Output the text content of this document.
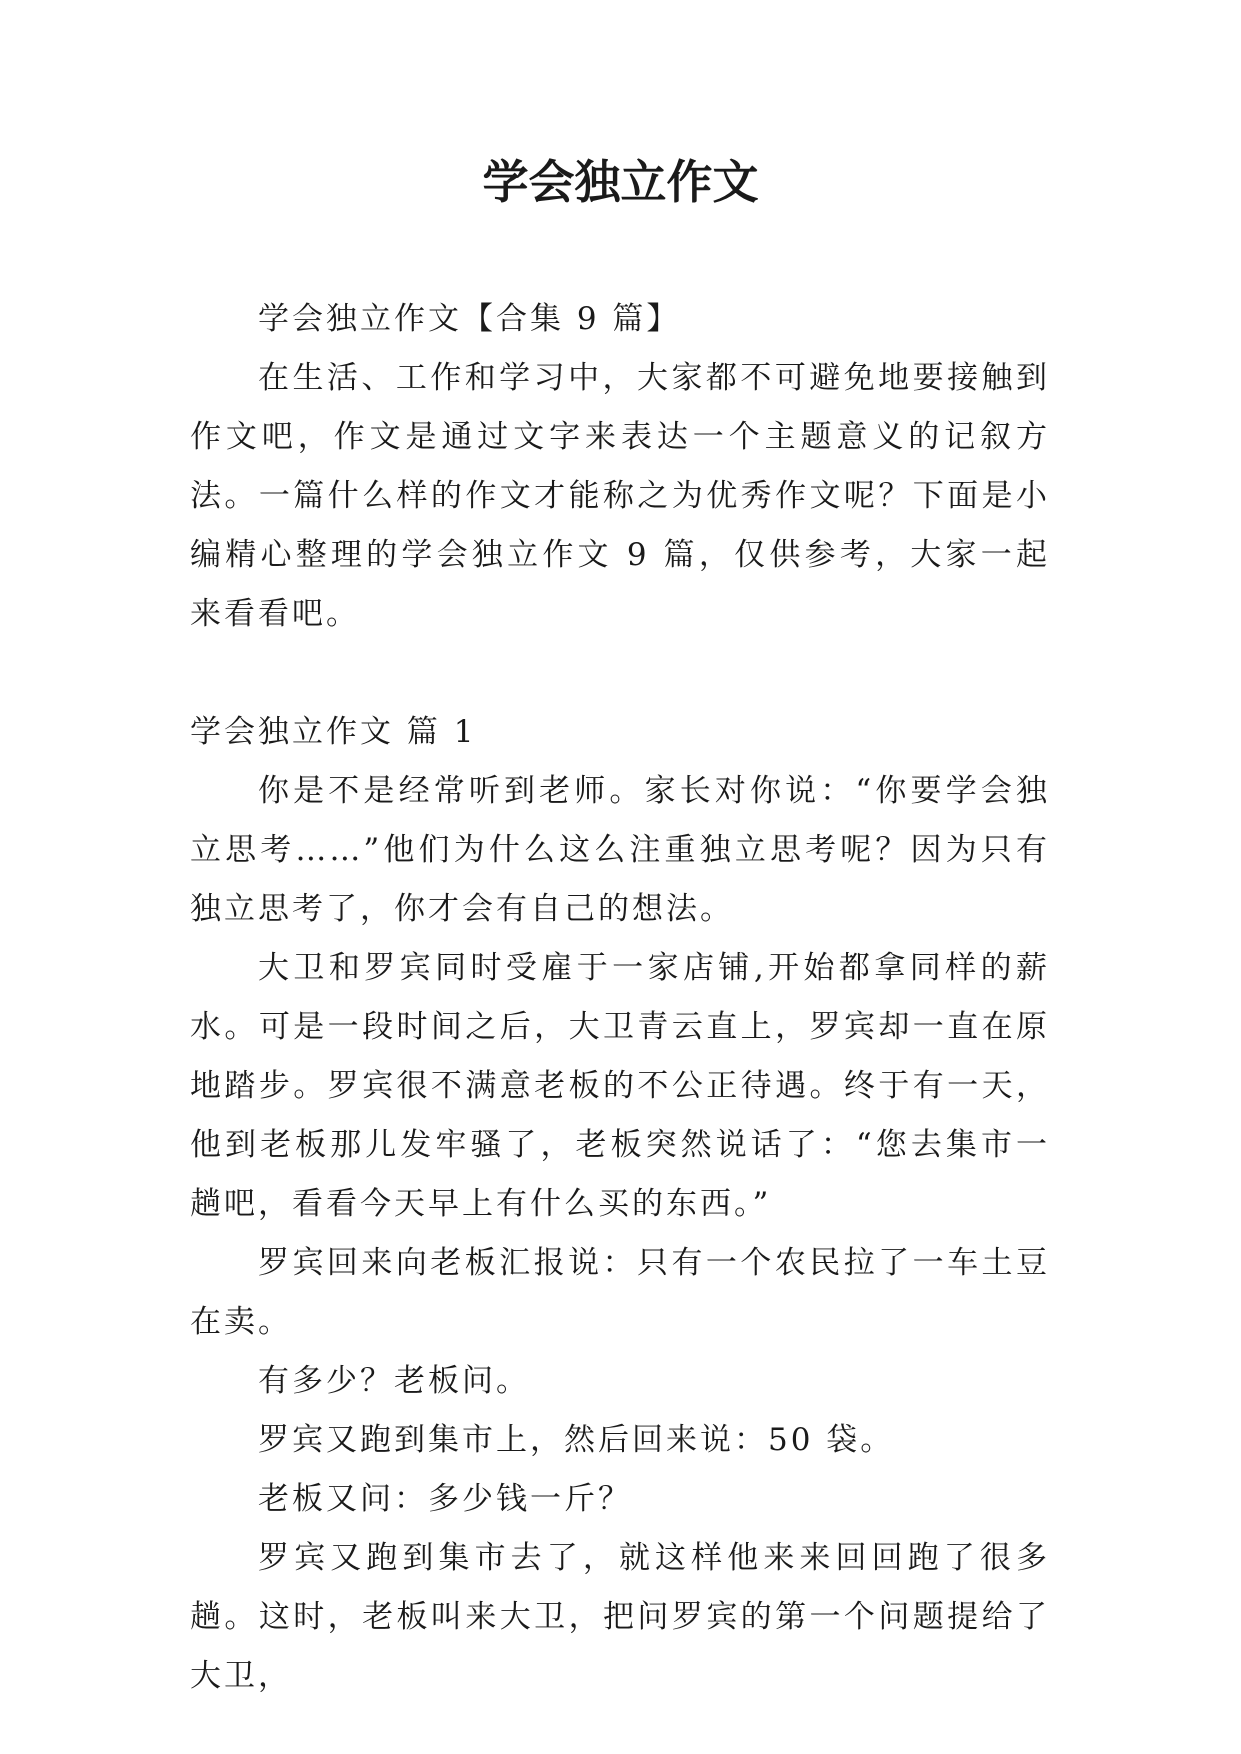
学会独立作文

学会独立作文【合集 9 篇】

在生活、工作和学习中，大家都不可避免地要接触到作文吧，作文是通过文字来表达一个主题意义的记叙方法。一篇什么样的作文才能称之为优秀作文呢？下面是小编精心整理的学会独立作文 9 篇，仅供参考，大家一起来看看吧。

学会独立作文 篇 1

你是不是经常听到老师。家长对你说：“你要学会独立思考……”他们为什么这么注重独立思考呢？因为只有独立思考了，你才会有自己的想法。

大卫和罗宾同时受雇于一家店铺,开始都拿同样的薪水。可是一段时间之后，大卫青云直上，罗宾却一直在原地踏步。罗宾很不满意老板的不公正待遇。终于有一天，他到老板那儿发牢骚了，老板突然说话了：“您去集市一趟吧，看看今天早上有什么买的东西。”

罗宾回来向老板汇报说：只有一个农民拉了一车土豆在卖。

有多少？老板问。

罗宾又跑到集市上，然后回来说：50 袋。

老板又问：多少钱一斤？

罗宾又跑到集市去了，就这样他来来回回跑了很多趟。这时，老板叫来大卫，把问罗宾的第一个问题提给了大卫，
